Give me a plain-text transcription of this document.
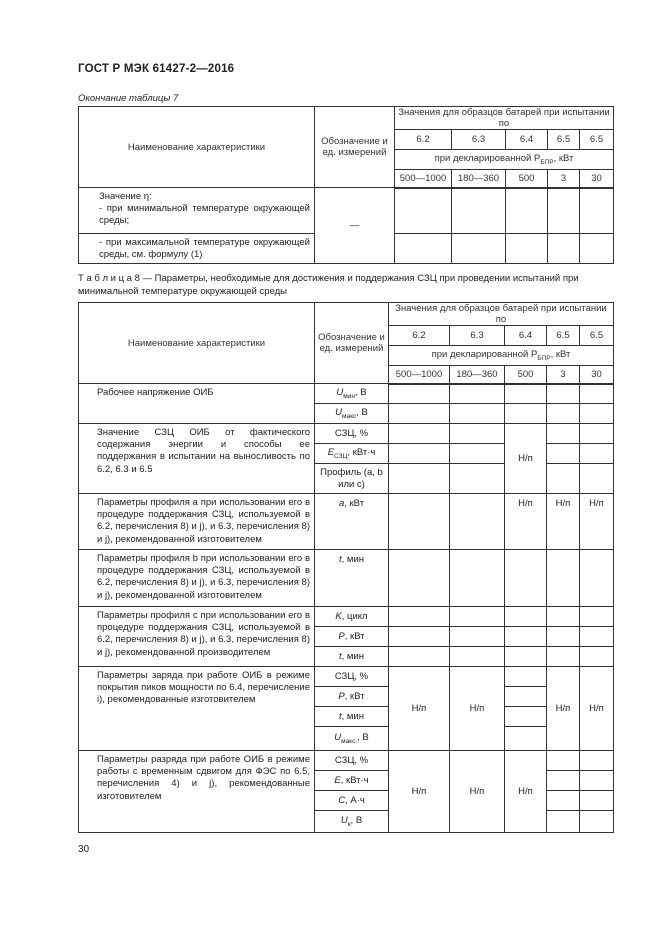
ГОСТ Р МЭК 61427-2—2016
Окончание таблицы 7
Наименование характеристики	Обозначение и ед. измерений	Значения для образцов батарей при испытании по				
		6.2	6.3	6.4	6.5	6.5
		при декларированной $P_{БПР}$, кВт				
		500—1000	180—360	500	3	30

Значение η:
- при минимальной температуре окружающей среды;	—					
- при максимальной температуре окружающей среды, см. формулу (1)						
Т а б л и ц а 8 — Параметры, необходимые для достижения и поддержания СЗЦ при проведении испытаний при минимальной температуре окружающей среды
Наименование характеристики	Обозначение и ед. измерений	Значения для образцов батарей при испытании по				
		6.2	6.3	6.4	6.5	6.5
		при декларированной $P_{БПР}$, кВт				
		500—1000	180—360	500	3	30
Рабочее напряжение ОИБ	$U_{мин}$, В					
	$U_{макс}$, В					
Значение СЗЦ ОИБ от фактического содержания энергии и способы ее поддержания в испытании на выносливость по 6.2, 6.3 и 6.5	СЗЦ, %			Н/п		
	$E_{СЗЦ}$, кВт·ч					
	Профиль (a, b или c)					
Параметры профиля a при использовании его в процедуре поддержания СЗЦ, используемой в 6.2, перечисления 8) и j), и 6.3, перечисления 8) и j), рекомендованной изготовителем	a, кВт			Н/п	Н/п	Н/п
Параметры профиля b при использовании его в процедуре поддержания СЗЦ, используемой в 6.2, перечисления 8) и j), и 6.3, перечисления 8) и j), рекомендованной изготовителем	t, мин					
Параметры профиля c при использовании его в процедуре поддержания СЗЦ, используемой в 6.2, перечисления 8) и j), и 6.3, перечисления 8) и j), рекомендованной производителем	K, цикл					
	P, кВт					
	t, мин					
Параметры заряда при работе ОИБ в режиме покрытия пиков мощности по 6.4, перечисление i), рекомендованные изготовителем	СЗЦ, %	Н/п	Н/п		Н/п	Н/п
	P, кВт					
	t, мин					
	$U_{макс.}$, В					
Параметры разряда при работе ОИБ в режиме работы с временным сдвигом для ФЭС по 6.5, перечисления 4) и j), рекомендованные изготовителем	СЗЦ, %	Н/п	Н/п	Н/п		
	E, кВт·ч					
	C, А·ч					
	$U_к$, В					
30
